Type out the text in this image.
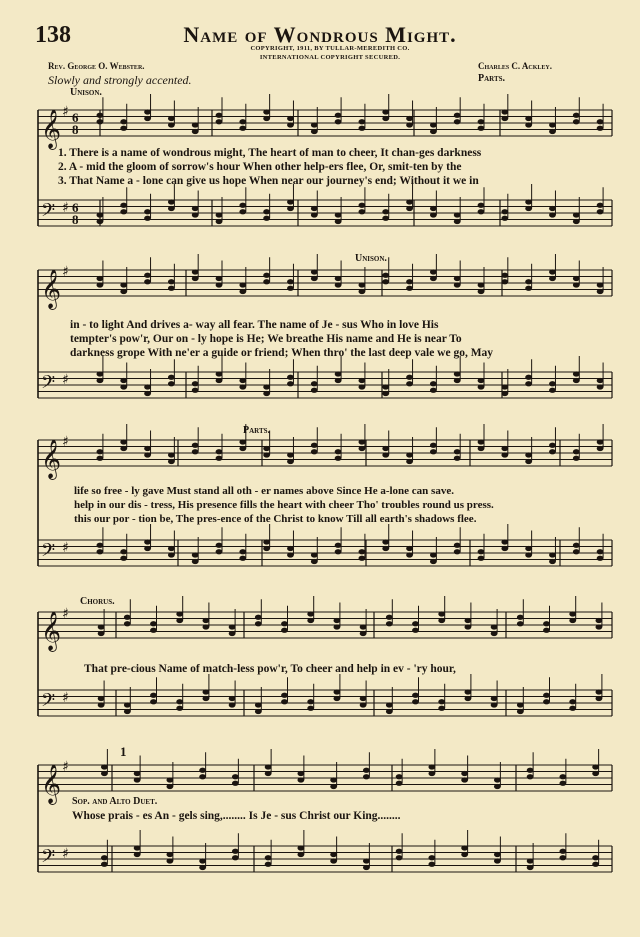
138	Name of Wondrous Might.
COPYRIGHT, 1911, BY TULLAR-MEREDITH CO.
INTERNATIONAL COPYRIGHT SECURED.
Rev. George O. Webster.	Charles C. Ackley.
Slowly and strongly accented.
Unison.
Parts.
Unison.
Parts.
Chorus.
Sop. and Alto Duet.
1
1. There is a name of wondrous might, The heart of man to cheer, It chan-ges darkness
2. A - mid the gloom of sorrow's hour When other help-ers flee, Or, smit-ten by the
3. That Name a - lone can give us hope When near our journey's end; Without it we in
in - to light And drives a- way all fear. The name of Je - sus Who in love His
tempter's pow'r, Our on - ly hope is He; We breathe His name and He is near To
darkness grope With ne'er a guide or friend; When thro' the last deep vale we go, May
life so free - ly gave Must stand all oth - er names above Since He a-lone can save.
help in our dis - tress, His presence fills the heart with cheer Tho' troubles round us press.
this our por - tion be, The pres-ence of the Christ to know Till all earth's shadows flee.
That pre-cious Name of match-less pow'r, To cheer and help in ev - 'ry hour,
Whose prais - es An - gels sing,........ Is Je - sus Christ our King........
𝄞 ♯
𝄢 ♯
6
6
8
8
𝄞 ♯
𝄢 ♯
𝄞 ♯
𝄢 ♯
𝄞 ♯
𝄢 ♯
𝄞 ♯
𝄢 ♯
